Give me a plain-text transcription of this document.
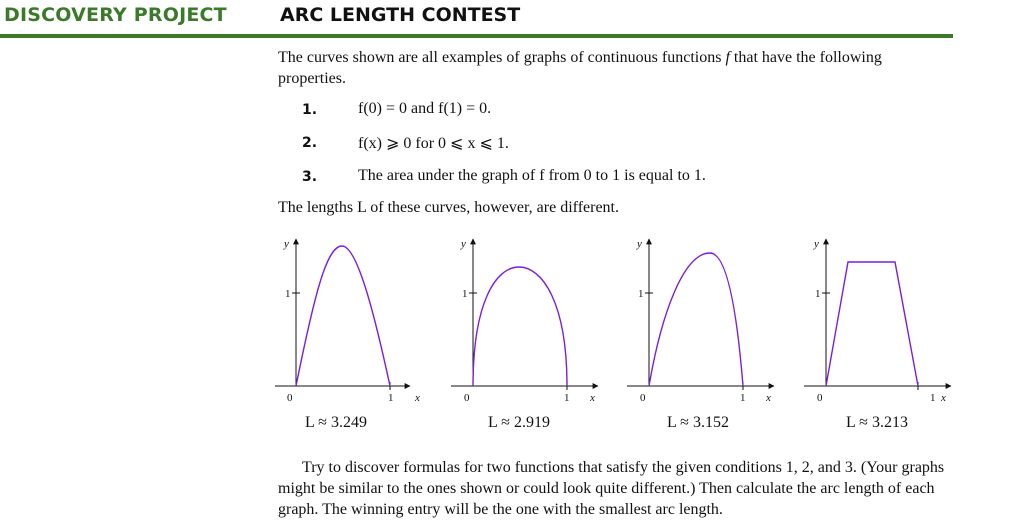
DISCOVERY PROJECT	ARC LENGTH CONTEST
The curves shown are all examples of graphs of continuous functions f that have the following properties.
1.	f(0) = 0 and f(1) = 0.
2.	f(x) ⩾ 0 for 0 ⩽ x ⩽ 1.
3.	The area under the graph of f from 0 to 1 is equal to 1.
The lengths L of these curves, however, are different.
y
1
0	1 x
L ≈ 3.249
y
1
0	1 x
L ≈ 2.919
y
1
0	1 x
L ≈ 3.152
y
1
0	1 x
L ≈ 3.213
Try to discover formulas for two functions that satisfy the given conditions 1, 2, and 3. (Your graphs might be similar to the ones shown or could look quite different.) Then calculate the arc length of each graph. The winning entry will be the one with the smallest arc length.
